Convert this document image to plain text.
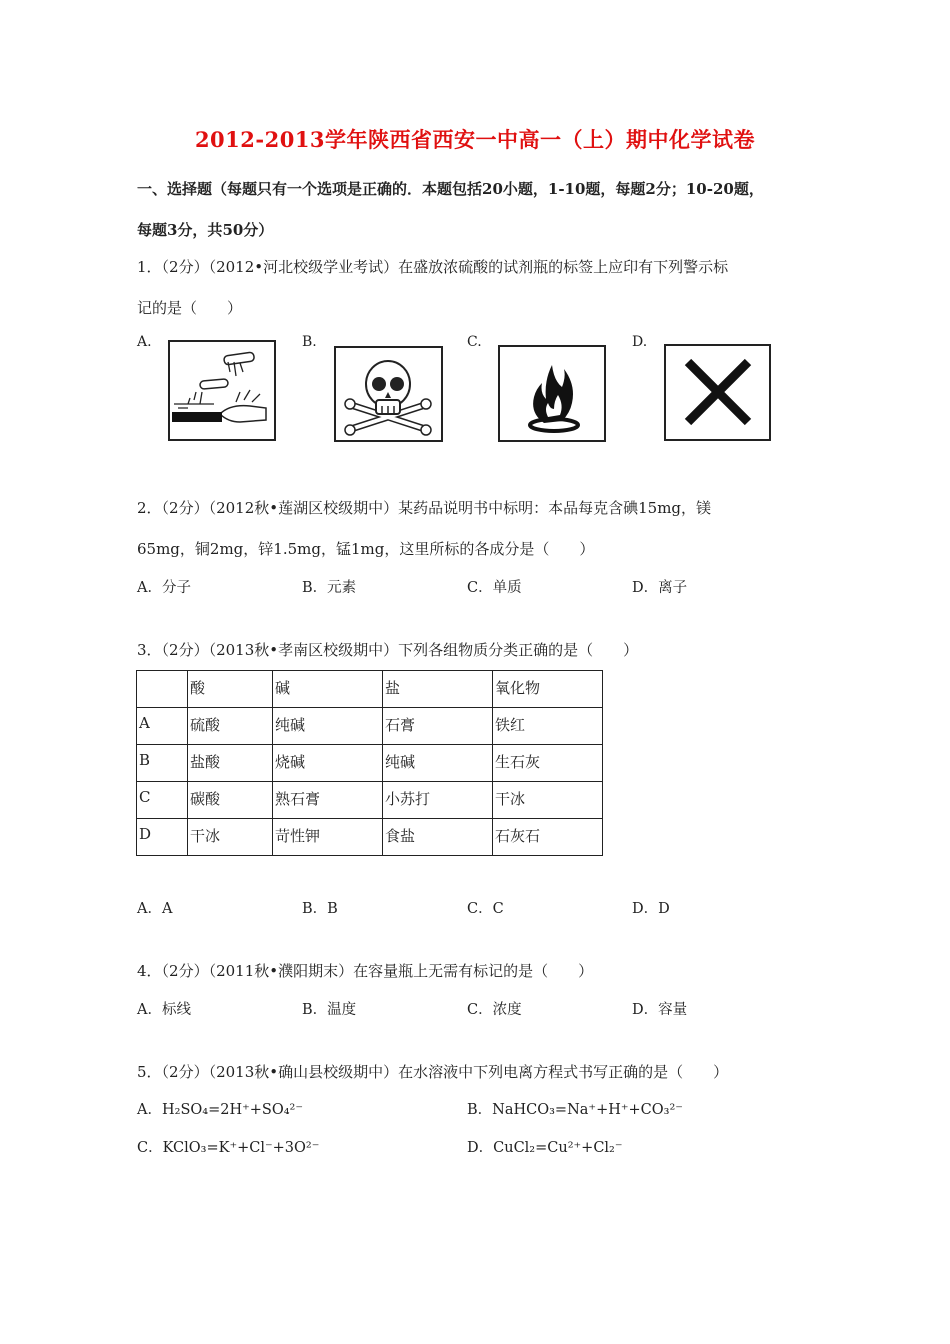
2012-2013学年陕西省西安一中高一（上）期中化学试卷
一、选择题（每题只有一个选项是正确的．本题包括20小题，1-10题，每题2分；10-20题，
每题3分，共50分）
1．（2分）（2012•河北校级学业考试）在盛放浓硫酸的试剂瓶的标签上应印有下列警示标
记的是（　　）
A.	B.	C.	D.
2．（2分）（2012秋•莲湖区校级期中）某药品说明书中标明：本品每克含碘15mg，镁
65mg，铜2mg，锌1.5mg，锰1mg，这里所标的各成分是（　　）
A．分子	B．元素	C．单质	D．离子
3．（2分）（2013秋•孝南区校级期中）下列各组物质分类正确的是（　　）
	酸	碱	盐	氧化物
A	硫酸	纯碱	石膏	铁红
B	盐酸	烧碱	纯碱	生石灰
C	碳酸	熟石膏	小苏打	干冰
D	干冰	苛性钾	食盐	石灰石
A．A	B．B	C．C	D．D
4．（2分）（2011秋•濮阳期末）在容量瓶上无需有标记的是（　　）
A．标线	B．温度	C．浓度	D．容量
5．（2分）（2013秋•确山县校级期中）在水溶液中下列电离方程式书写正确的是（　　）
A．H₂SO₄=2H⁺+SO₄²⁻	B．NaHCO₃=Na⁺+H⁺+CO₃²⁻
C．KClO₃=K⁺+Cl⁻+3O²⁻	D．CuCl₂=Cu²⁺+Cl₂⁻
